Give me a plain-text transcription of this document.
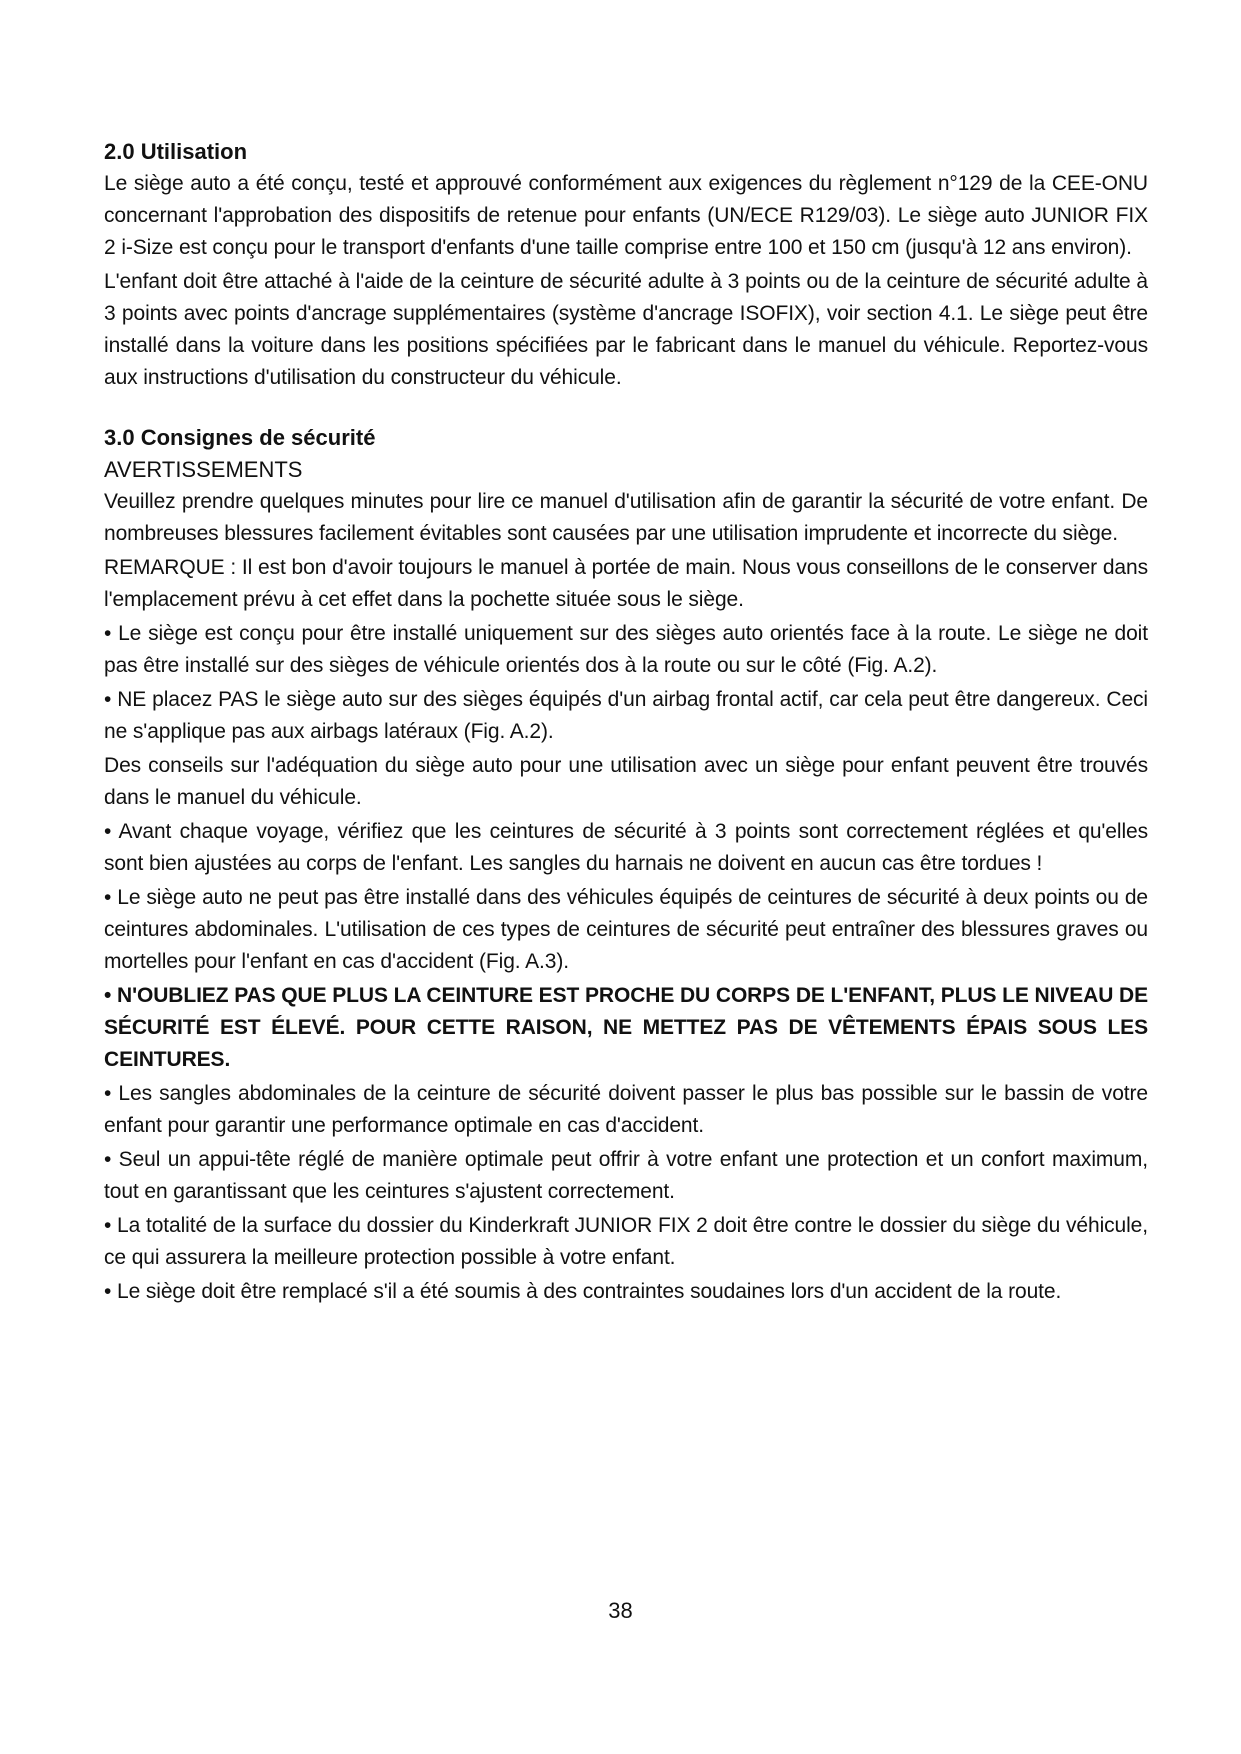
2.0 Utilisation

Le siège auto a été conçu, testé et approuvé conformément aux exigences du règlement n°129 de la CEE-ONU concernant l'approbation des dispositifs de retenue pour enfants (UN/ECE R129/03). Le siège auto JUNIOR FIX 2 i-Size est conçu pour le transport d'enfants d'une taille comprise entre 100 et 150 cm (jusqu'à 12 ans environ).

L'enfant doit être attaché à l'aide de la ceinture de sécurité adulte à 3 points ou de la ceinture de sécurité adulte à 3 points avec points d'ancrage supplémentaires (système d'ancrage ISOFIX), voir section 4.1. Le siège peut être installé dans la voiture dans les positions spécifiées par le fabricant dans le manuel du véhicule. Reportez-vous aux instructions d'utilisation du constructeur du véhicule.

3.0 Consignes de sécurité
AVERTISSEMENTS

Veuillez prendre quelques minutes pour lire ce manuel d'utilisation afin de garantir la sécurité de votre enfant. De nombreuses blessures facilement évitables sont causées par une utilisation imprudente et incorrecte du siège.

REMARQUE : Il est bon d'avoir toujours le manuel à portée de main. Nous vous conseillons de le conserver dans l'emplacement prévu à cet effet dans la pochette située sous le siège.

• Le siège est conçu pour être installé uniquement sur des sièges auto orientés face à la route. Le siège ne doit pas être installé sur des sièges de véhicule orientés dos à la route ou sur le côté (Fig. A.2).

• NE placez PAS le siège auto sur des sièges équipés d'un airbag frontal actif, car cela peut être dangereux. Ceci ne s'applique pas aux airbags latéraux (Fig. A.2).

Des conseils sur l'adéquation du siège auto pour une utilisation avec un siège pour enfant peuvent être trouvés dans le manuel du véhicule.

• Avant chaque voyage, vérifiez que les ceintures de sécurité à 3 points sont correctement réglées et qu'elles sont bien ajustées au corps de l'enfant. Les sangles du harnais ne doivent en aucun cas être tordues !

• Le siège auto ne peut pas être installé dans des véhicules équipés de ceintures de sécurité à deux points ou de ceintures abdominales. L'utilisation de ces types de ceintures de sécurité peut entraîner des blessures graves ou mortelles pour l'enfant en cas d'accident (Fig. A.3).

• N'OUBLIEZ PAS QUE PLUS LA CEINTURE EST PROCHE DU CORPS DE L'ENFANT, PLUS LE NIVEAU DE SÉCURITÉ EST ÉLEVÉ. POUR CETTE RAISON, NE METTEZ PAS DE VÊTEMENTS ÉPAIS SOUS LES CEINTURES.

• Les sangles abdominales de la ceinture de sécurité doivent passer le plus bas possible sur le bassin de votre enfant pour garantir une performance optimale en cas d'accident.

• Seul un appui-tête réglé de manière optimale peut offrir à votre enfant une protection et un confort maximum, tout en garantissant que les ceintures s'ajustent correctement.

• La totalité de la surface du dossier du Kinderkraft JUNIOR FIX 2 doit être contre le dossier du siège du véhicule, ce qui assurera la meilleure protection possible à votre enfant.

• Le siège doit être remplacé s'il a été soumis à des contraintes soudaines lors d'un accident de la route.

38
